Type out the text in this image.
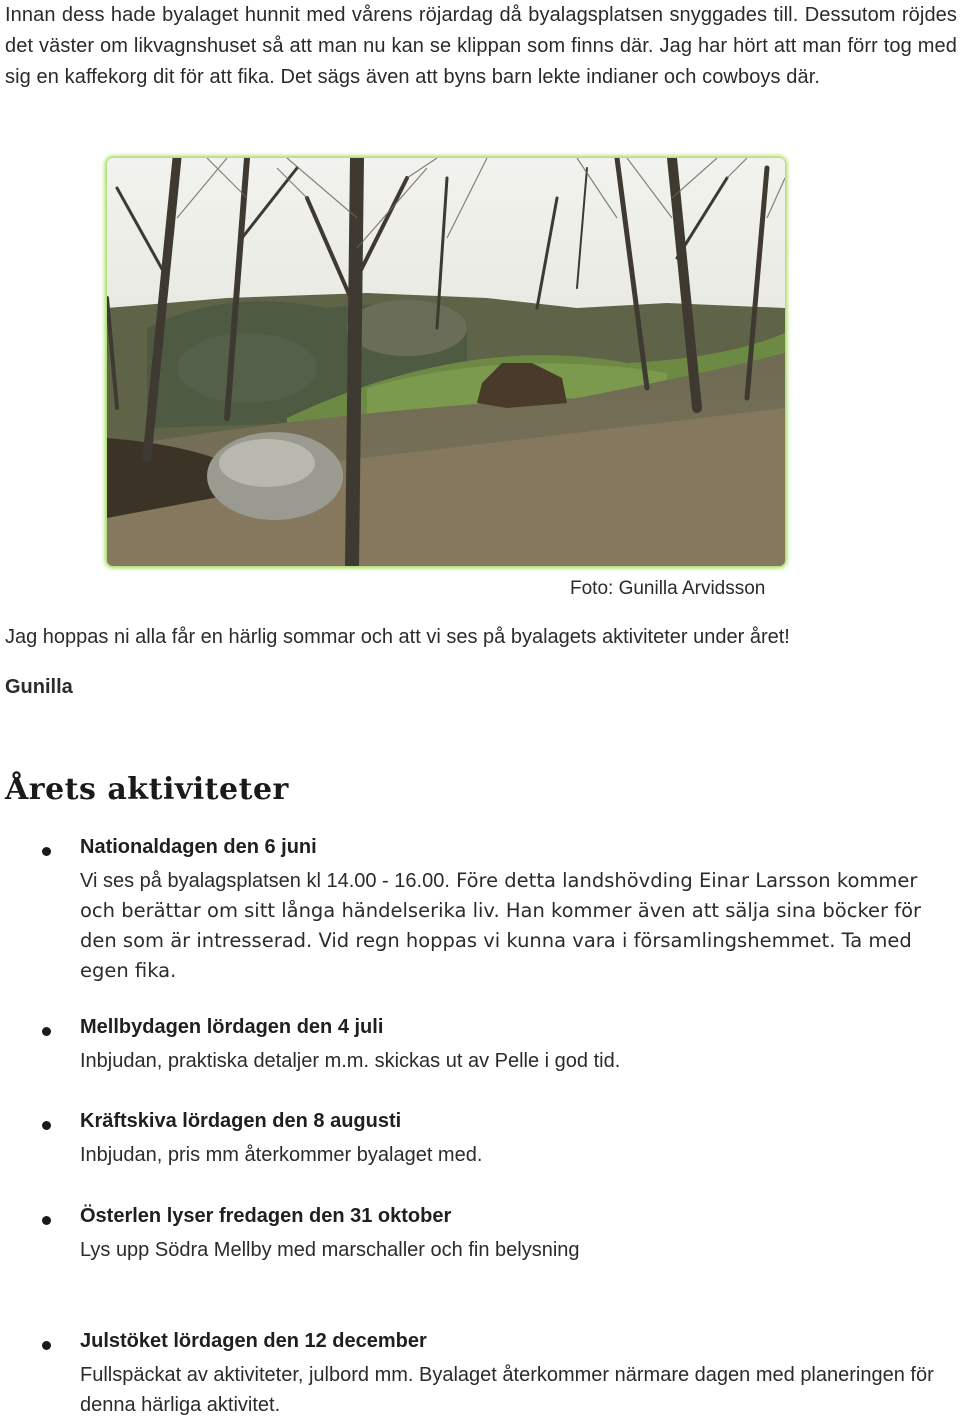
Innan dess hade byalaget hunnit med vårens röjardag då byalagsplatsen snyggades till. Dessutom röjdes det väster om likvagnshuset så att man nu kan se klippan som finns där. Jag har hört att man förr tog med sig en kaffekorg dit för att fika. Det sägs även att byns barn lekte indianer och cowboys där.

Foto: Gunilla Arvidsson

Jag hoppas ni alla får en härlig sommar och att vi ses på byalagets aktiviteter under året!

Gunilla
Årets aktiviteter
Nationaldagen den 6 juni
Vi ses på byalagsplatsen kl 14.00 - 16.00. Före detta landshövding Einar Larsson kommer och berättar om sitt långa händelserika liv. Han kommer även att sälja sina böcker för den som är intresserad. Vid regn hoppas vi kunna vara i församlingshemmet. Ta med egen fika.
Mellbydagen lördagen den 4 juli
Inbjudan, praktiska detaljer m.m. skickas ut av Pelle i god tid.
Kräftskiva lördagen den 8 augusti
Inbjudan, pris mm återkommer byalaget med.
Österlen lyser fredagen den 31 oktober
Lys upp Södra Mellby med marschaller och fin belysning
Julstöket lördagen den 12 december
Fullspäckat av aktiviteter, julbord mm. Byalaget återkommer närmare dagen med planeringen för denna härliga aktivitet.
